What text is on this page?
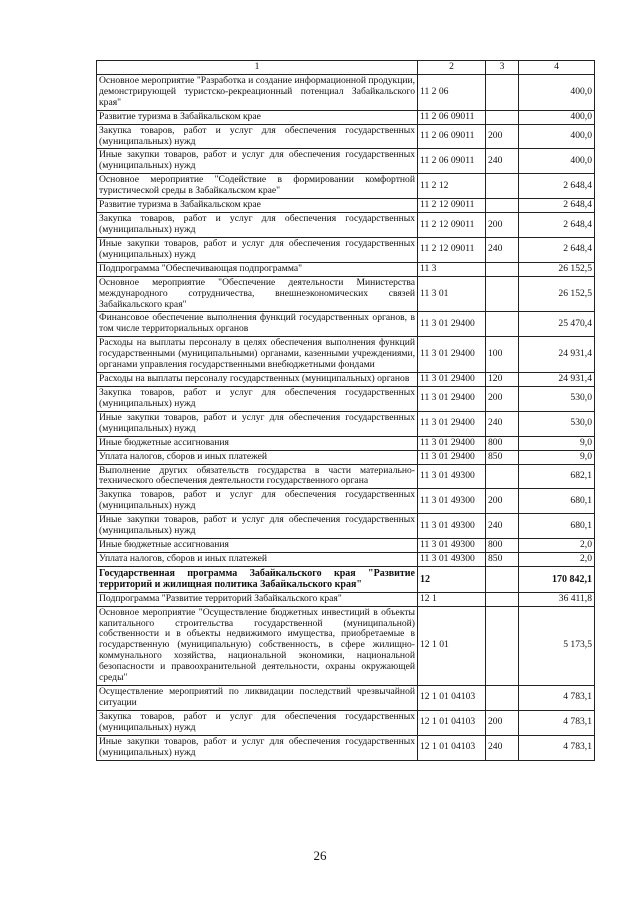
1	2	3	4
Основное мероприятие "Разработка и создание информационной продукции, демонстрирующей туристско-рекреационный потенциал Забайкальского края"	11 2 06		400,0
Развитие туризма в Забайкальском крае	11 2 06 09011		400,0
Закупка товаров, работ и услуг для обеспечения государственных (муниципальных) нужд	11 2 06 09011	200	400,0
Иные закупки товаров, работ и услуг для обеспечения государственных (муниципальных) нужд	11 2 06 09011	240	400,0
Основное мероприятие "Содействие в формировании комфортной туристической среды в Забайкальском крае"	11 2 12		2 648,4
Развитие туризма в Забайкальском крае	11 2 12 09011		2 648,4
Закупка товаров, работ и услуг для обеспечения государственных (муниципальных) нужд	11 2 12 09011	200	2 648,4
Иные закупки товаров, работ и услуг для обеспечения государственных (муниципальных) нужд	11 2 12 09011	240	2 648,4
Подпрограмма "Обеспечивающая подпрограмма"	11 3		26 152,5
Основное мероприятие "Обеспечение деятельности Министерства международного сотрудничества, внешнеэкономических связей Забайкальского края"	11 3 01		26 152,5
Финансовое обеспечение выполнения функций государственных органов, в том числе территориальных органов	11 3 01 29400		25 470,4
Расходы на выплаты персоналу в целях обеспечения выполнения функций государственными (муниципальными) органами, казенными учреждениями, органами управления государственными внебюджетными фондами	11 3 01 29400	100	24 931,4
Расходы на выплаты персоналу государственных (муниципальных) органов	11 3 01 29400	120	24 931,4
Закупка товаров, работ и услуг для обеспечения государственных (муниципальных) нужд	11 3 01 29400	200	530,0
Иные закупки товаров, работ и услуг для обеспечения государственных (муниципальных) нужд	11 3 01 29400	240	530,0
Иные бюджетные ассигнования	11 3 01 29400	800	9,0
Уплата налогов, сборов и иных платежей	11 3 01 29400	850	9,0
Выполнение других обязательств государства в части материально-технического обеспечения деятельности государственного органа	11 3 01 49300		682,1
Закупка товаров, работ и услуг для обеспечения государственных (муниципальных) нужд	11 3 01 49300	200	680,1
Иные закупки товаров, работ и услуг для обеспечения государственных (муниципальных) нужд	11 3 01 49300	240	680,1
Иные бюджетные ассигнования	11 3 01 49300	800	2,0
Уплата налогов, сборов и иных платежей	11 3 01 49300	850	2,0
Государственная программа Забайкальского края "Развитие территорий и жилищная политика Забайкальского края"	12		170 842,1
Подпрограмма "Развитие территорий Забайкальского края"	12 1		36 411,8
Основное мероприятие "Осуществление бюджетных инвестиций в объекты капитального строительства государственной (муниципальной) собственности и в объекты недвижимого имущества, приобретаемые в государственную (муниципальную) собственность, в сфере жилищно-коммунального хозяйства, национальной экономики, национальной безопасности и правоохранительной деятельности, охраны окружающей среды"	12 1 01		5 173,5
Осуществление мероприятий по ликвидации последствий чрезвычайной ситуации	12 1 01 04103		4 783,1
Закупка товаров, работ и услуг для обеспечения государственных (муниципальных) нужд	12 1 01 04103	200	4 783,1
Иные закупки товаров, работ и услуг для обеспечения государственных (муниципальных) нужд	12 1 01 04103	240	4 783,1
26
